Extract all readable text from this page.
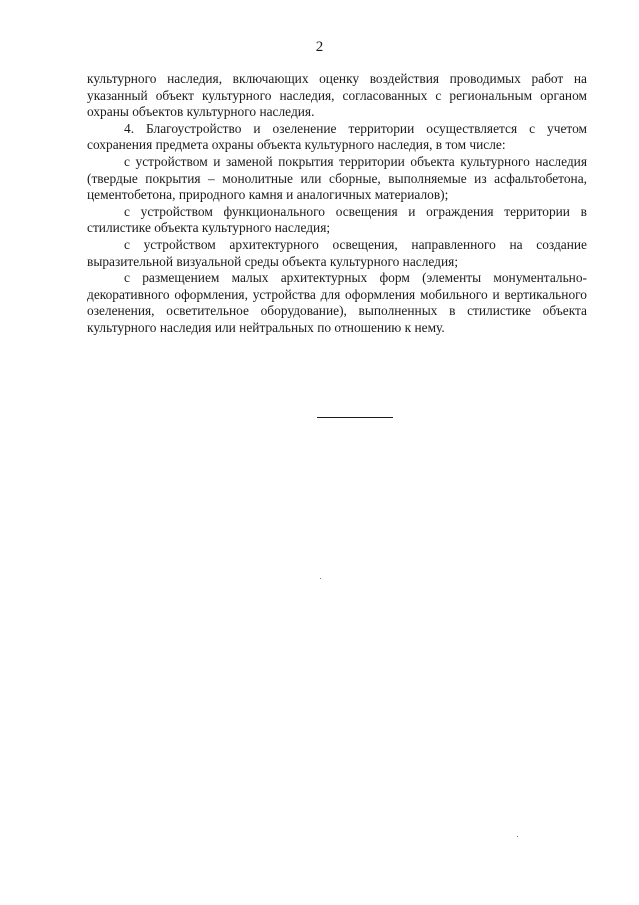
2

культурного наследия, включающих оценку воздействия проводимых работ на указанный объект культурного наследия, согласованных с региональным органом охраны объектов культурного наследия.

4. Благоустройство и озеленение территории осуществляется с учетом сохранения предмета охраны объекта культурного наследия, в том числе:

с устройством и заменой покрытия территории объекта культурного наследия (твердые покрытия – монолитные или сборные, выполняемые из асфальтобетона, цементобетона, природного камня и аналогичных материалов);

с устройством функционального освещения и ограждения территории в стилистике объекта культурного наследия;

с устройством архитектурного освещения, направленного на создание выразительной визуальной среды объекта культурного наследия;

с размещением малых архитектурных форм (элементы монументально-декоративного оформления, устройства для оформления мобильного и вертикального озеленения, осветительное оборудование), выполненных в стилистике объекта культурного наследия или нейтральных по отношению к нему.
